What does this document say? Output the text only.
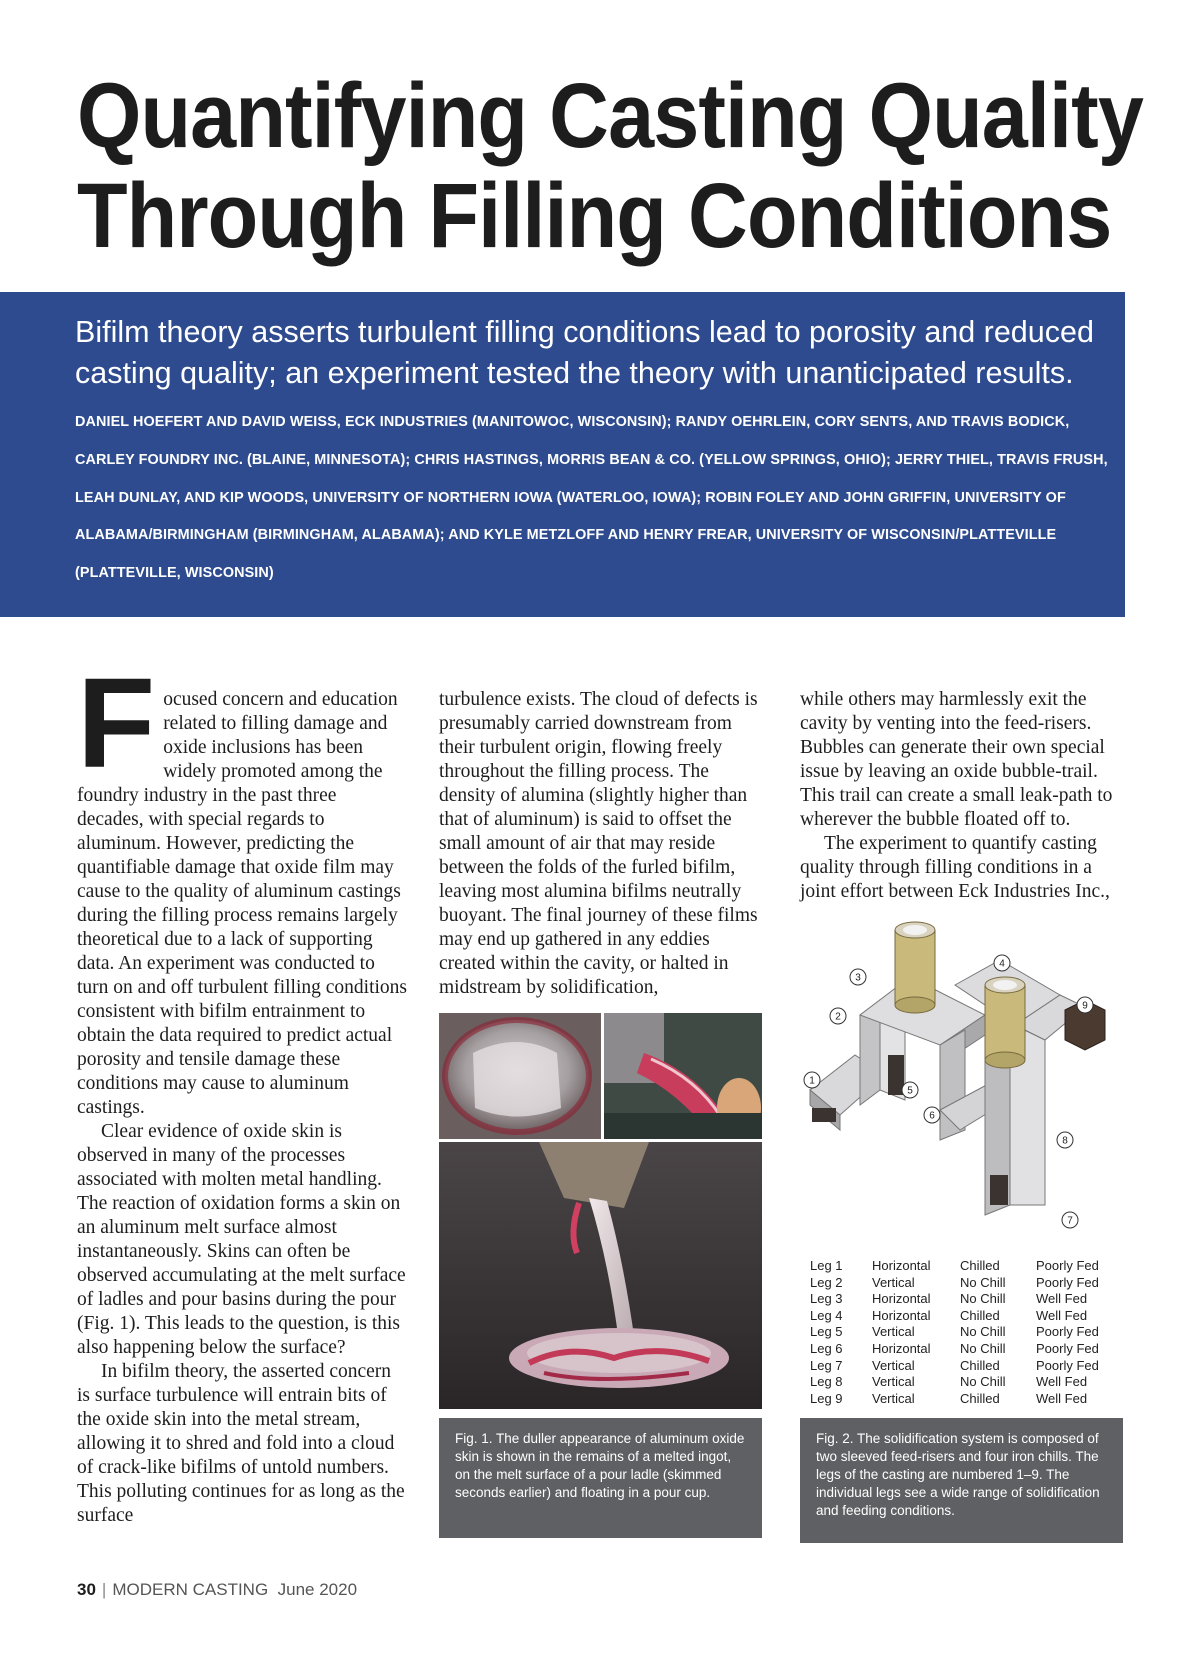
Quantifying Casting Quality
Through Filling Conditions

Bifilm theory asserts turbulent filling conditions lead to porosity and reduced casting quality; an experiment tested the theory with unanticipated results.

DANIEL HOEFERT AND DAVID WEISS, ECK INDUSTRIES (MANITOWOC, WISCONSIN); RANDY OEHRLEIN, CORY SENTS, AND TRAVIS BODICK, CARLEY FOUNDRY INC. (BLAINE, MINNESOTA); CHRIS HASTINGS, MORRIS BEAN & CO. (YELLOW SPRINGS, OHIO); JERRY THIEL, TRAVIS FRUSH, LEAH DUNLAY, AND KIP WOODS, UNIVERSITY OF NORTHERN IOWA (WATERLOO, IOWA); ROBIN FOLEY AND JOHN GRIFFIN, UNIVERSITY OF ALABAMA/BIRMINGHAM (BIRMINGHAM, ALABAMA); AND KYLE METZLOFF AND HENRY FREAR, UNIVERSITY OF WISCONSIN/PLATTEVILLE (PLATTEVILLE, WISCONSIN)

F ocused concern and education related to filling damage and oxide inclusions has been widely promoted among the foundry industry in the past three decades, with special regards to aluminum. However, predicting the quantifiable damage that oxide film may cause to the quality of aluminum castings during the filling process remains largely theoretical due to a lack of supporting data. An experiment was conducted to turn on and off turbulent filling conditions consistent with bifilm entrainment to obtain the data required to predict actual porosity and tensile damage these conditions may cause to aluminum castings.

Clear evidence of oxide skin is observed in many of the processes associated with molten metal handling. The reaction of oxidation forms a skin on an aluminum melt surface almost instantaneously. Skins can often be observed accumulating at the melt surface of ladles and pour basins during the pour (Fig. 1). This leads to the question, is this also happening below the surface?

In bifilm theory, the asserted concern is surface turbulence will entrain bits of the oxide skin into the metal stream, allowing it to shred and fold into a cloud of crack-like bifilms of untold numbers. This polluting continues for as long as the surface

turbulence exists. The cloud of defects is presumably carried downstream from their turbulent origin, flowing freely throughout the filling process. The density of alumina (slightly higher than that of aluminum) is said to offset the small amount of air that may reside between the folds of the furled bifilm, leaving most alumina bifilms neutrally buoyant. The final journey of these films may end up gathered in any eddies created within the cavity, or halted in midstream by solidification,

while others may harmlessly exit the cavity by venting into the feed-risers. Bubbles can generate their own special issue by leaving an oxide bubble-trail. This trail can create a small leak-path to wherever the bubble floated off to.

The experiment to quantify casting quality through filling conditions in a joint effort between Eck Industries Inc.,

Fig. 1. The duller appearance of aluminum oxide skin is shown in the remains of a melted ingot, on the melt surface of a pour ladle (skimmed seconds earlier) and floating in a pour cup.
1
2
3
4
5
6
7
8
9
Leg 1	Horizontal	Chilled	Poorly Fed
Leg 2	Vertical	No Chill	Poorly Fed
Leg 3	Horizontal	No Chill	Well Fed
Leg 4	Horizontal	Chilled	Well Fed
Leg 5	Vertical	No Chill	Poorly Fed
Leg 6	Horizontal	No Chill	Poorly Fed
Leg 7	Vertical	Chilled	Poorly Fed
Leg 8	Vertical	No Chill	Well Fed
Leg 9	Vertical	Chilled	Well Fed
Fig. 2. The solidification system is composed of two sleeved feed-risers and four iron chills. The legs of the casting are numbered 1–9. The individual legs see a wide range of solidification and feeding conditions.
30 | MODERN CASTING June 2020
